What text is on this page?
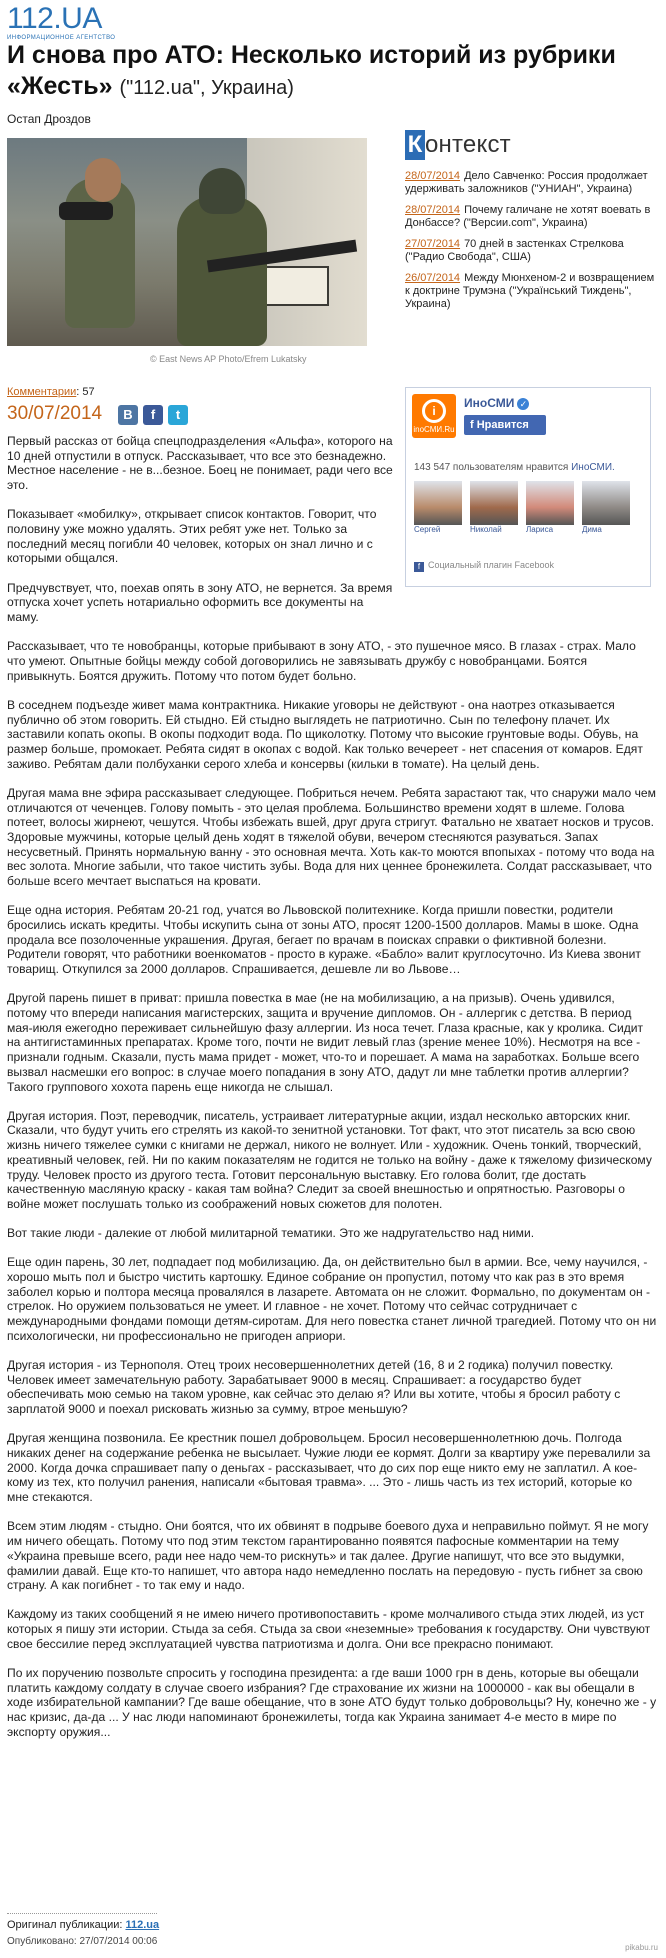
112.UA
ИНФОРМАЦИОННОЕ АГЕНТСТВО
И снова про АТО: Несколько историй из рубрики «Жесть» ("112.ua", Украина)
Остап Дроздов
© East News AP Photo/Efrem Lukatsky
Комментарии: 57
30/07/2014	B	f	t
К онтекст
28/07/2014 Дело Савченко: Россия продолжает удерживать заложников ("УНИАН", Украина)
28/07/2014 Почему галичане не хотят воевать в Донбассе? ("Версии.com", Украина)
27/07/2014 70 дней в застенках Стрелкова ("Радио Свобода", США)
26/07/2014 Между Мюнхеном-2 и возвращением к доктрине Трумэна ("Український Тиждень", Украина)
i
inoСМИ.Ru
ИноСМИ ✓
f Нравится
143 547 пользователям нравится ИноСМИ.
Сергей	Николай	Лариса	Дима
f Социальный плагин Facebook

Первый рассказ от бойца спецподразделения «Альфа», которого на 10 дней отпустили в отпуск. Рассказывает, что все это безнадежно. Местное население - не в...безное. Боец не понимает, ради чего все это.

Показывает «мобилку», открывает список контактов. Говорит, что половину уже можно удалять. Этих ребят уже нет. Только за последний месяц погибли 40 человек, которых он знал лично и с которыми общался.

Предчувствует, что, поехав опять в зону АТО, не вернется. За время отпуска хочет успеть нотариально оформить все документы на маму.

Рассказывает, что те новобранцы, которые прибывают в зону АТО, - это пушечное мясо. В глазах - страх. Мало что умеют. Опытные бойцы между собой договорились не завязывать дружбу с новобранцами. Боятся привыкнуть. Боятся дружить. Потому что потом будет больно.

В соседнем подъезде живет мама контрактника. Никакие уговоры не действуют - она наотрез отказывается публично об этом говорить. Ей стыдно. Ей стыдно выглядеть не патриотично. Сын по телефону плачет. Их заставили копать окопы. В окопы подходит вода. По щиколотку. Потому что высокие грунтовые воды. Обувь, на размер больше, промокает. Ребята сидят в окопах с водой. Как только вечереет - нет спасения от комаров. Едят заживо. Ребятам дали полбуханки серого хлеба и консервы (кильки в томате). На целый день.

Другая мама вне эфира рассказывает следующее. Побриться нечем. Ребята зарастают так, что снаружи мало чем отличаются от чеченцев. Голову помыть - это целая проблема. Большинство времени ходят в шлеме. Голова потеет, волосы жирнеют, чешутся. Чтобы избежать вшей, друг друга стригут. Фатально не хватает носков и трусов. Здоровые мужчины, которые целый день ходят в тяжелой обуви, вечером стесняются разуваться. Запах несусветный. Принять нормальную ванну - это основная мечта. Хоть как-то моются впопыхах - потому что вода на вес золота. Многие забыли, что такое чистить зубы. Вода для них ценнее бронежилета. Солдат рассказывает, что больше всего мечтает выспаться на кровати.

Еще одна история. Ребятам 20-21 год, учатся во Львовской политехнике. Когда пришли повестки, родители бросились искать кредиты. Чтобы искупить сына от зоны АТО, просят 1200-1500 долларов. Мамы в шоке. Одна продала все позолоченные украшения. Другая, бегает по врачам в поисках справки о фиктивной болезни. Родители говорят, что работники военкоматов - просто в кураже. «Бабло» валит круглосуточно. Из Киева звонит товарищ. Откупился за 2000 долларов. Спрашивается, дешевле ли во Львове…

Другой парень пишет в приват: пришла повестка в мае (не на мобилизацию, а на призыв). Очень удивился, потому что впереди написания магистерских, защита и вручение дипломов. Он - аллергик с детства. В период мая-июля ежегодно переживает сильнейшую фазу аллергии. Из носа течет. Глаза красные, как у кролика. Сидит на антигистаминных препаратах. Кроме того, почти не видит левый глаз (зрение менее 10%). Несмотря на все - признали годным. Сказали, пусть мама придет - может, что-то и порешает. А мама на заработках. Больше всего вызвал насмешки его вопрос: в случае моего попадания в зону АТО, дадут ли мне таблетки против аллергии? Такого группового хохота парень еще никогда не слышал.

Другая история. Поэт, переводчик, писатель, устраивает литературные акции, издал несколько авторских книг. Сказали, что будут учить его стрелять из какой-то зенитной установки. Тот факт, что этот писатель за всю свою жизнь ничего тяжелее сумки с книгами не держал, никого не волнует. Или - художник. Очень тонкий, творческий, креативный человек, гей. Ни по каким показателям не годится не только на войну - даже к тяжелому физическому труду. Человек просто из другого теста. Готовит персональную выставку. Его голова болит, где достать качественную масляную краску - какая там война? Следит за своей внешностью и опрятностью. Разговоры о войне может послушать только из соображений новых сюжетов для полотен.

Вот такие люди - далекие от любой милитарной тематики. Это же надругательство над ними.

Еще один парень, 30 лет, подпадает под мобилизацию. Да, он действительно был в армии. Все, чему научился, - хорошо мыть пол и быстро чистить картошку. Единое собрание он пропустил, потому что как раз в это время заболел корью и полтора месяца провалялся в лазарете. Автомата он не сложит. Формально, по документам он - стрелок. Но оружием пользоваться не умеет. И главное - не хочет. Потому что сейчас сотрудничает с международными фондами помощи детям-сиротам. Для него повестка станет личной трагедией. Потому что он ни психологически, ни профессионально не пригоден априори.

Другая история - из Тернополя. Отец троих несовершеннолетних детей (16, 8 и 2 годика) получил повестку. Человек имеет замечательную работу. Зарабатывает 9000 в месяц. Спрашивает: а государство будет обеспечивать мою семью на таком уровне, как сейчас это делаю я? Или вы хотите, чтобы я бросил работу с зарплатой 9000 и поехал рисковать жизнью за сумму, втрое меньшую?

Другая женщина позвонила. Ее крестник пошел добровольцем. Бросил несовершеннолетнюю дочь. Полгода никаких денег на содержание ребенка не высылает. Чужие люди ее кормят. Долги за квартиру уже перевалили за 2000. Когда дочка спрашивает папу о деньгах - рассказывает, что до сих пор еще никто ему не заплатил. А кое-кому из тех, кто получил ранения, написали «бытовая травма». ... Это - лишь часть из тех историй, которые ко мне стекаются.

Всем этим людям - стыдно. Они боятся, что их обвинят в подрыве боевого духа и неправильно поймут. Я не могу им ничего обещать. Потому что под этим текстом гарантированно появятся пафосные комментарии на тему «Украина превыше всего, ради нее надо чем-то рискнуть» и так далее. Другие напишут, что все это выдумки, фамилии давай. Еще кто-то напишет, что автора надо немедленно послать на передовую - пусть гибнет за свою страну. А как погибнет - то так ему и надо.

Каждому из таких сообщений я не имею ничего противопоставить - кроме молчаливого стыда этих людей, из уст которых я пишу эти истории. Стыда за себя. Стыда за свои «неземные» требования к государству. Они чувствуют свое бессилие перед эксплуатацией чувства патриотизма и долга. Они все прекрасно понимают.

По их поручению позвольте спросить у господина президента: а где ваши 1000 грн в день, которые вы обещали платить каждому солдату в случае своего избрания? Где страхование их жизни на 1000000 - как вы обещали в ходе избирательной кампании? Где ваше обещание, что в зоне АТО будут только добровольцы? Ну, конечно же - у нас кризис, да-да ... У нас люди напоминают бронежилеты, тогда как Украина занимает 4-е место в мире по экспорту оружия...

Оригинал публикации: 112.ua
Опубликовано: 27/07/2014 00:06
pikabu.ru
